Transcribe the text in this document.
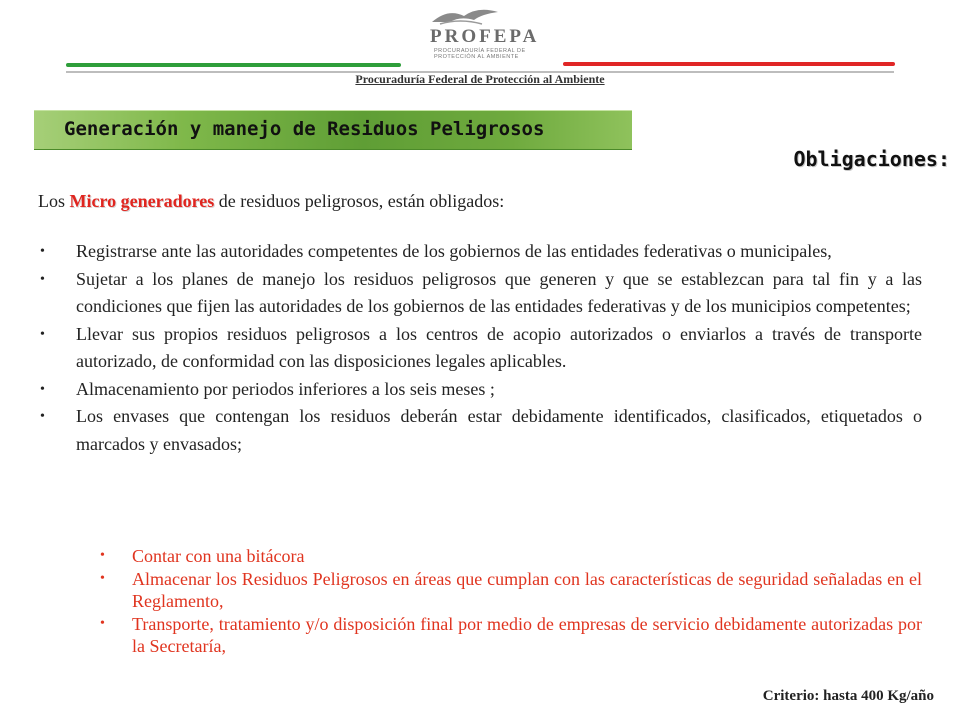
PROFEPA
PROCURADURÍA FEDERAL DE PROTECCIÓN AL AMBIENTE
Procuraduría Federal de Protección al Ambiente
Generación y manejo de Residuos Peligrosos
Obligaciones:
Los Micro generadores de residuos peligrosos, están obligados:
• Registrarse ante las autoridades competentes de los gobiernos de las entidades federativas o municipales,
• Sujetar a los planes de manejo los residuos peligrosos que generen y que se establezcan para tal fin y a las condiciones que fijen las autoridades de los gobiernos de las entidades federativas y de los municipios competentes;
• Llevar sus propios residuos peligrosos a los centros de acopio autorizados o enviarlos a través de transporte autorizado, de conformidad con las disposiciones legales aplicables.
• Almacenamiento por periodos inferiores a los seis meses ;
• Los envases que contengan los residuos deberán estar debidamente identificados, clasificados, etiquetados o marcados y envasados;
• Contar con una bitácora
• Almacenar los Residuos Peligrosos en áreas que cumplan con las características de seguridad señaladas en el Reglamento,
• Transporte, tratamiento y/o disposición final por medio de empresas de servicio debidamente autorizadas por la Secretaría,
Criterio: hasta 400 Kg/año
